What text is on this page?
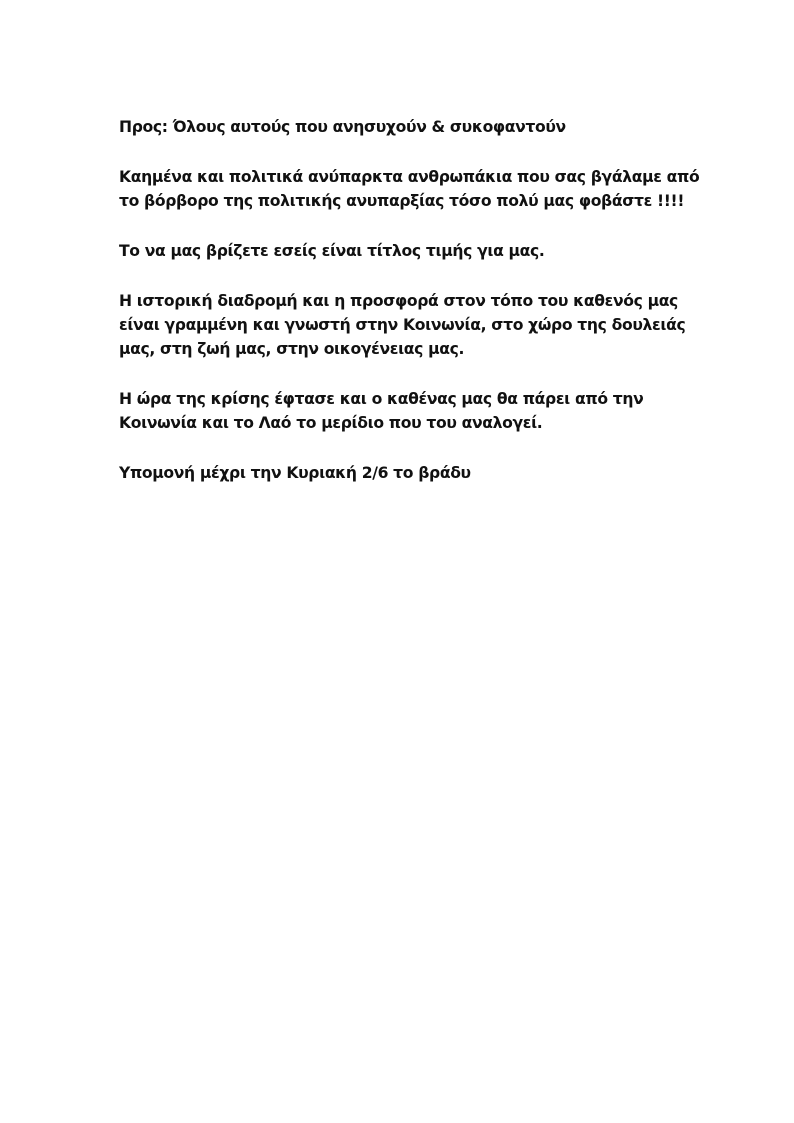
Προς: Όλους αυτούς που ανησυχούν & συκοφαντούν

Καημένα και πολιτικά ανύπαρκτα ανθρωπάκια που σας βγάλαμε από
το βόρβορο της πολιτικής ανυπαρξίας τόσο πολύ μας φοβάστε !!!!

Το να μας βρίζετε εσείς είναι τίτλος τιμής για μας.

Η ιστορική διαδρομή και η προσφορά στον τόπο του καθενός μας
είναι γραμμένη και γνωστή στην Κοινωνία, στο χώρο της δουλειάς
μας, στη ζωή μας, στην οικογένειας μας.

Η ώρα της κρίσης έφτασε και ο καθένας μας θα πάρει από την
Κοινωνία και το Λαό το μερίδιο που του αναλογεί.

Υπομονή μέχρι την Κυριακή 2/6 το βράδυ
